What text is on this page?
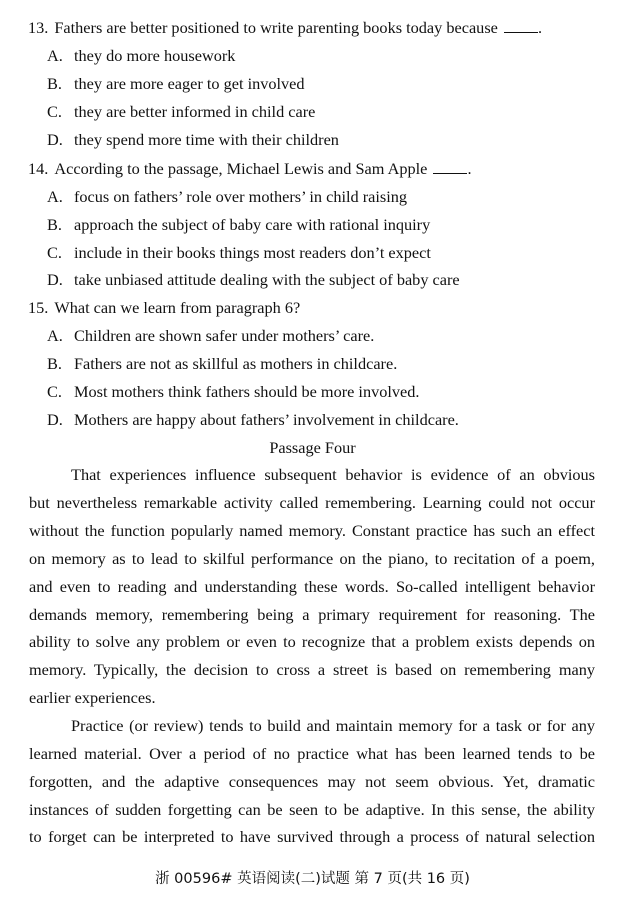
13. Fathers are better positioned to write parenting books today because .
A. they do more housework
B. they are more eager to get involved
C. they are better informed in child care
D. they spend more time with their children
14. According to the passage, Michael Lewis and Sam Apple .
A. focus on fathers’ role over mothers’ in child raising
B. approach the subject of baby care with rational inquiry
C. include in their books things most readers don’t expect
D. take unbiased attitude dealing with the subject of baby care
15. What can we learn from paragraph 6?
A. Children are shown safer under mothers’ care.
B. Fathers are not as skillful as mothers in childcare.
C. Most mothers think fathers should be more involved.
D. Mothers are happy about fathers’ involvement in childcare.
Passage Four
That experiences influence subsequent behavior is evidence of an obvious
but nevertheless remarkable activity called remembering. Learning could not occur
without the function popularly named memory. Constant practice has such an effect
on memory as to lead to skilful performance on the piano, to recitation of a poem,
and even to reading and understanding these words. So-called intelligent behavior
demands memory, remembering being a primary requirement for reasoning. The
ability to solve any problem or even to recognize that a problem exists depends on
memory. Typically, the decision to cross a street is based on remembering many
earlier experiences.
Practice (or review) tends to build and maintain memory for a task or for any
learned material. Over a period of no practice what has been learned tends to be
forgotten, and the adaptive consequences may not seem obvious. Yet, dramatic
instances of sudden forgetting can be seen to be adaptive. In this sense, the ability
to forget can be interpreted to have survived through a process of natural selection
浙 00596# 英语阅读(二)试题 第 7 页(共 16 页)
